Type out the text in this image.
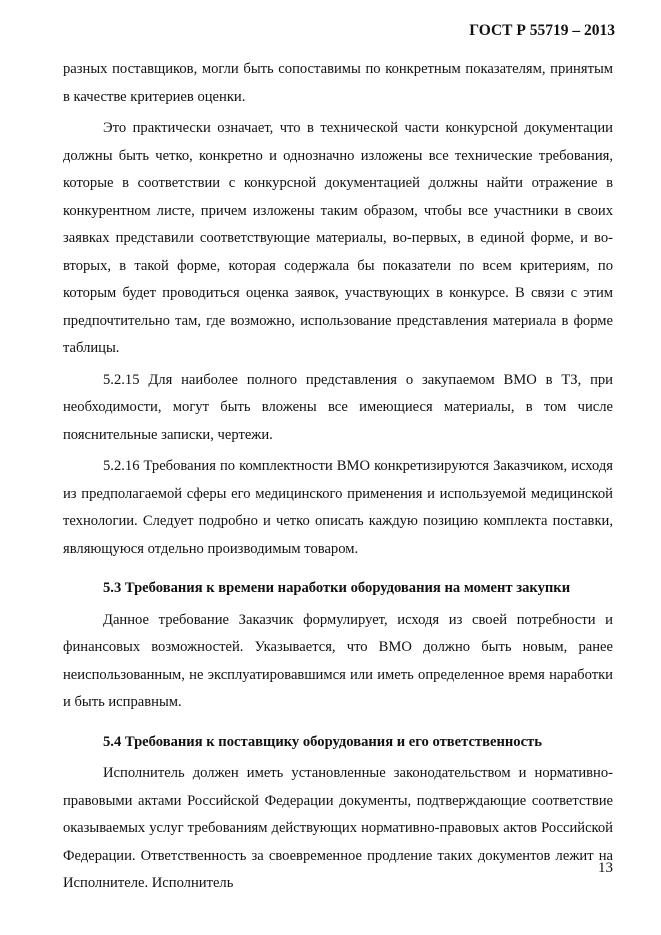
ГОСТ Р 55719 – 2013

разных поставщиков, могли быть сопоставимы по конкретным показателям, принятым в качестве критериев оценки.

Это практически означает, что в технической части конкурсной документации должны быть четко, конкретно и однозначно изложены все технические требования, которые в соответствии с конкурсной документацией должны найти отражение в конкурентном листе, причем изложены таким образом, чтобы все участники в своих заявках представили соответствующие материалы, во-первых, в единой форме, и во-вторых, в такой форме, которая содержала бы показатели по всем критериям, по которым будет проводиться оценка заявок, участвующих в конкурсе. В связи с этим предпочтительно там, где возможно, использование представления материала в форме таблицы.

5.2.15 Для наиболее полного представления о закупаемом ВМО в ТЗ, при необходимости, могут быть вложены все имеющиеся материалы, в том числе пояснительные записки, чертежи.

5.2.16 Требования по комплектности ВМО конкретизируются Заказчиком, исходя из предполагаемой сферы его медицинского применения и используемой медицинской технологии. Следует подробно и четко описать каждую позицию комплекта поставки, являющуюся отдельно производимым товаром.

5.3 Требования к времени наработки оборудования на момент закупки

Данное требование Заказчик формулирует, исходя из своей потребности и финансовых возможностей. Указывается, что ВМО должно быть новым, ранее неиспользованным, не эксплуатировавшимся или иметь определенное время наработки и быть исправным.

5.4 Требования к поставщику оборудования и его ответственность

Исполнитель должен иметь установленные законодательством и нормативно-правовыми актами Российской Федерации документы, подтверждающие соответствие оказываемых услуг требованиям действующих нормативно-правовых актов Российской Федерации. Ответственность за своевременное продление таких документов лежит на Исполнителе. Исполнитель

13
